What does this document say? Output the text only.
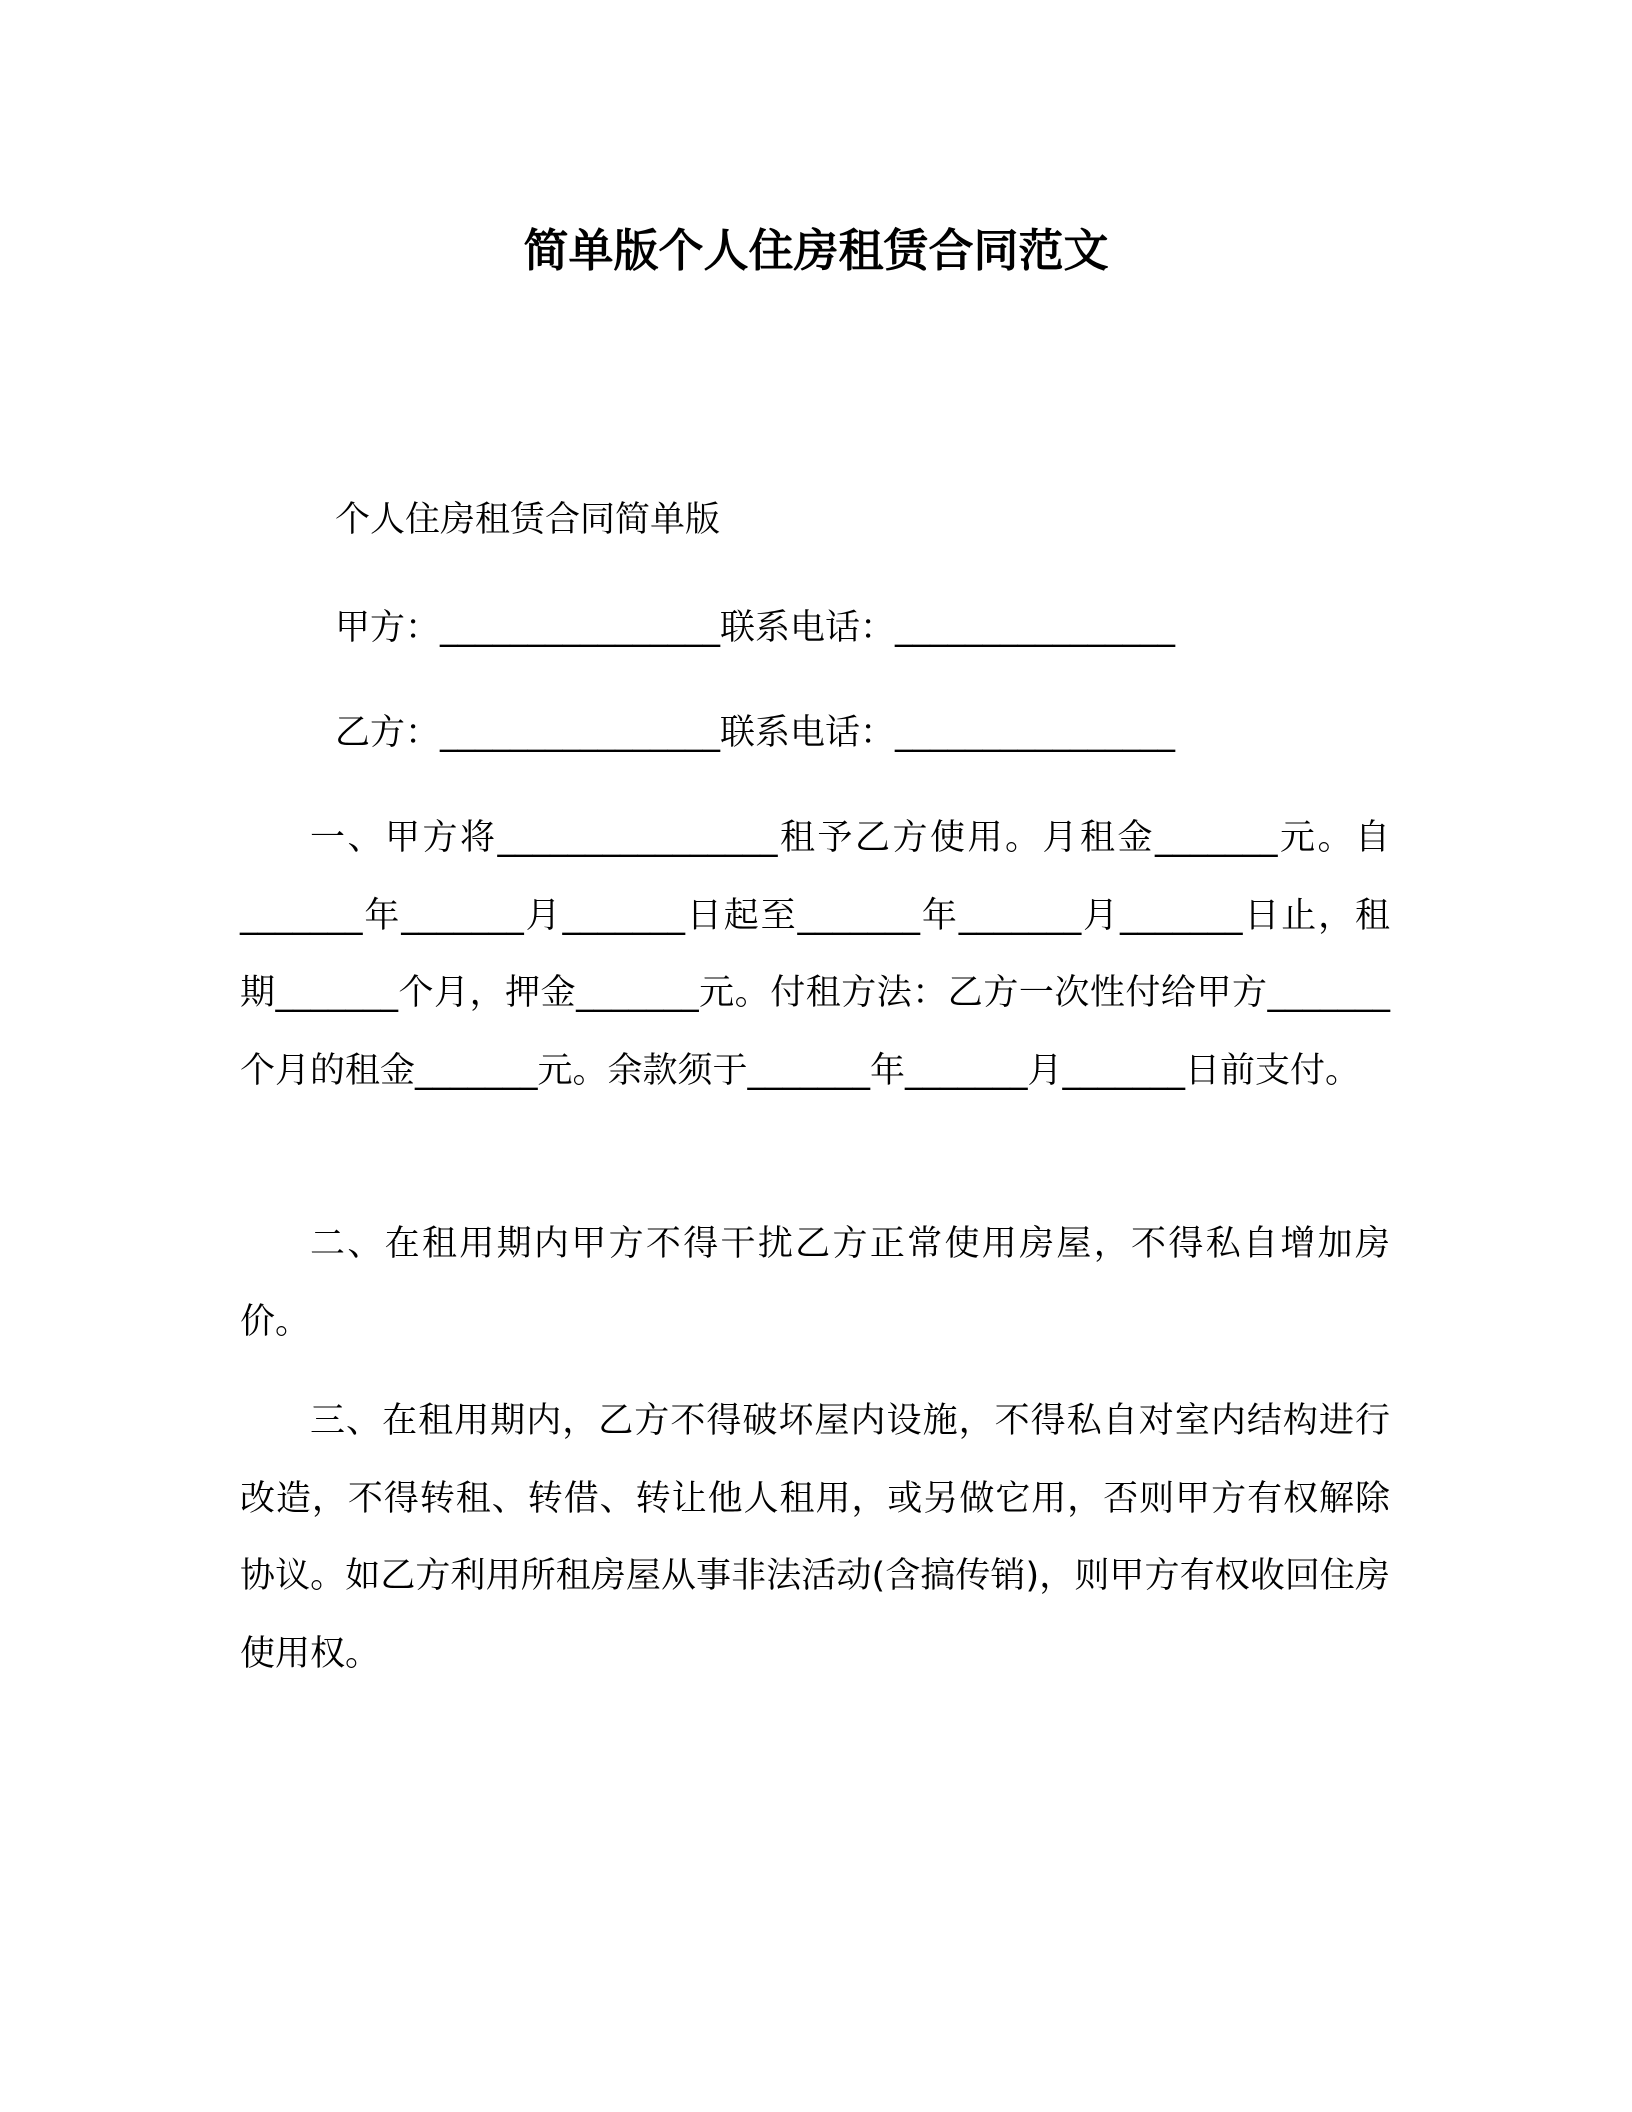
简单版个人住房租赁合同范文
个人住房租赁合同简单版
甲方：________________联系电话：________________
乙方：________________联系电话：________________

一、甲方将________________租予乙方使用。月租金_______元。自_______年_______月_______日起至_______年_______月_______日止，租期_______个月，押金_______元。付租方法：乙方一次性付给甲方_______个月的租金_______元。余款须于_______年_______月_______日前支付。

二、在租用期内甲方不得干扰乙方正常使用房屋，不得私自增加房价。

三、在租用期内，乙方不得破坏屋内设施，不得私自对室内结构进行改造，不得转租、转借、转让他人租用，或另做它用，否则甲方有权解除协议。如乙方利用所租房屋从事非法活动(含搞传销)，则甲方有权收回住房使用权。
